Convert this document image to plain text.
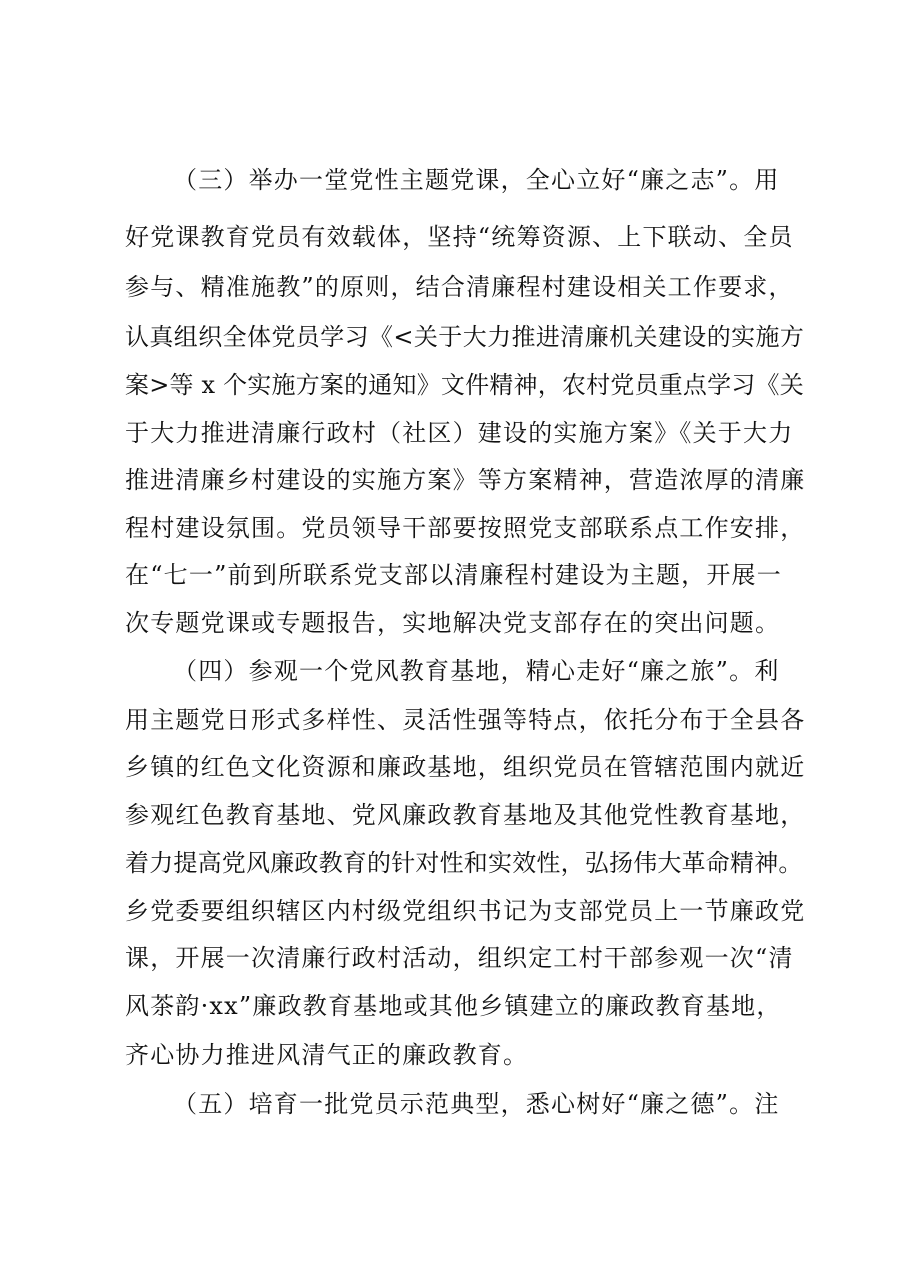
（三）举办一堂党性主题党课，全心立好“廉之志”。用
好党课教育党员有效载体，坚持“统筹资源、上下联动、全员
参与、精准施教”的原则，结合清廉程村建设相关工作要求，
认真组织全体党员学习《<关于大力推进清廉机关建设的实施方
案>等 x 个实施方案的通知》文件精神，农村党员重点学习《关
于大力推进清廉行政村（社区）建设的实施方案》《关于大力
推进清廉乡村建设的实施方案》等方案精神，营造浓厚的清廉
程村建设氛围。党员领导干部要按照党支部联系点工作安排，
在“七一”前到所联系党支部以清廉程村建设为主题，开展一
次专题党课或专题报告，实地解决党支部存在的突出问题。
（四）参观一个党风教育基地，精心走好“廉之旅”。利
用主题党日形式多样性、灵活性强等特点，依托分布于全县各
乡镇的红色文化资源和廉政基地，组织党员在管辖范围内就近
参观红色教育基地、党风廉政教育基地及其他党性教育基地，
着力提高党风廉政教育的针对性和实效性，弘扬伟大革命精神。
乡党委要组织辖区内村级党组织书记为支部党员上一节廉政党
课，开展一次清廉行政村活动，组织定工村干部参观一次“清
风茶韵·xx”廉政教育基地或其他乡镇建立的廉政教育基地，
齐心协力推进风清气正的廉政教育。
（五）培育一批党员示范典型，悉心树好“廉之德”。注
